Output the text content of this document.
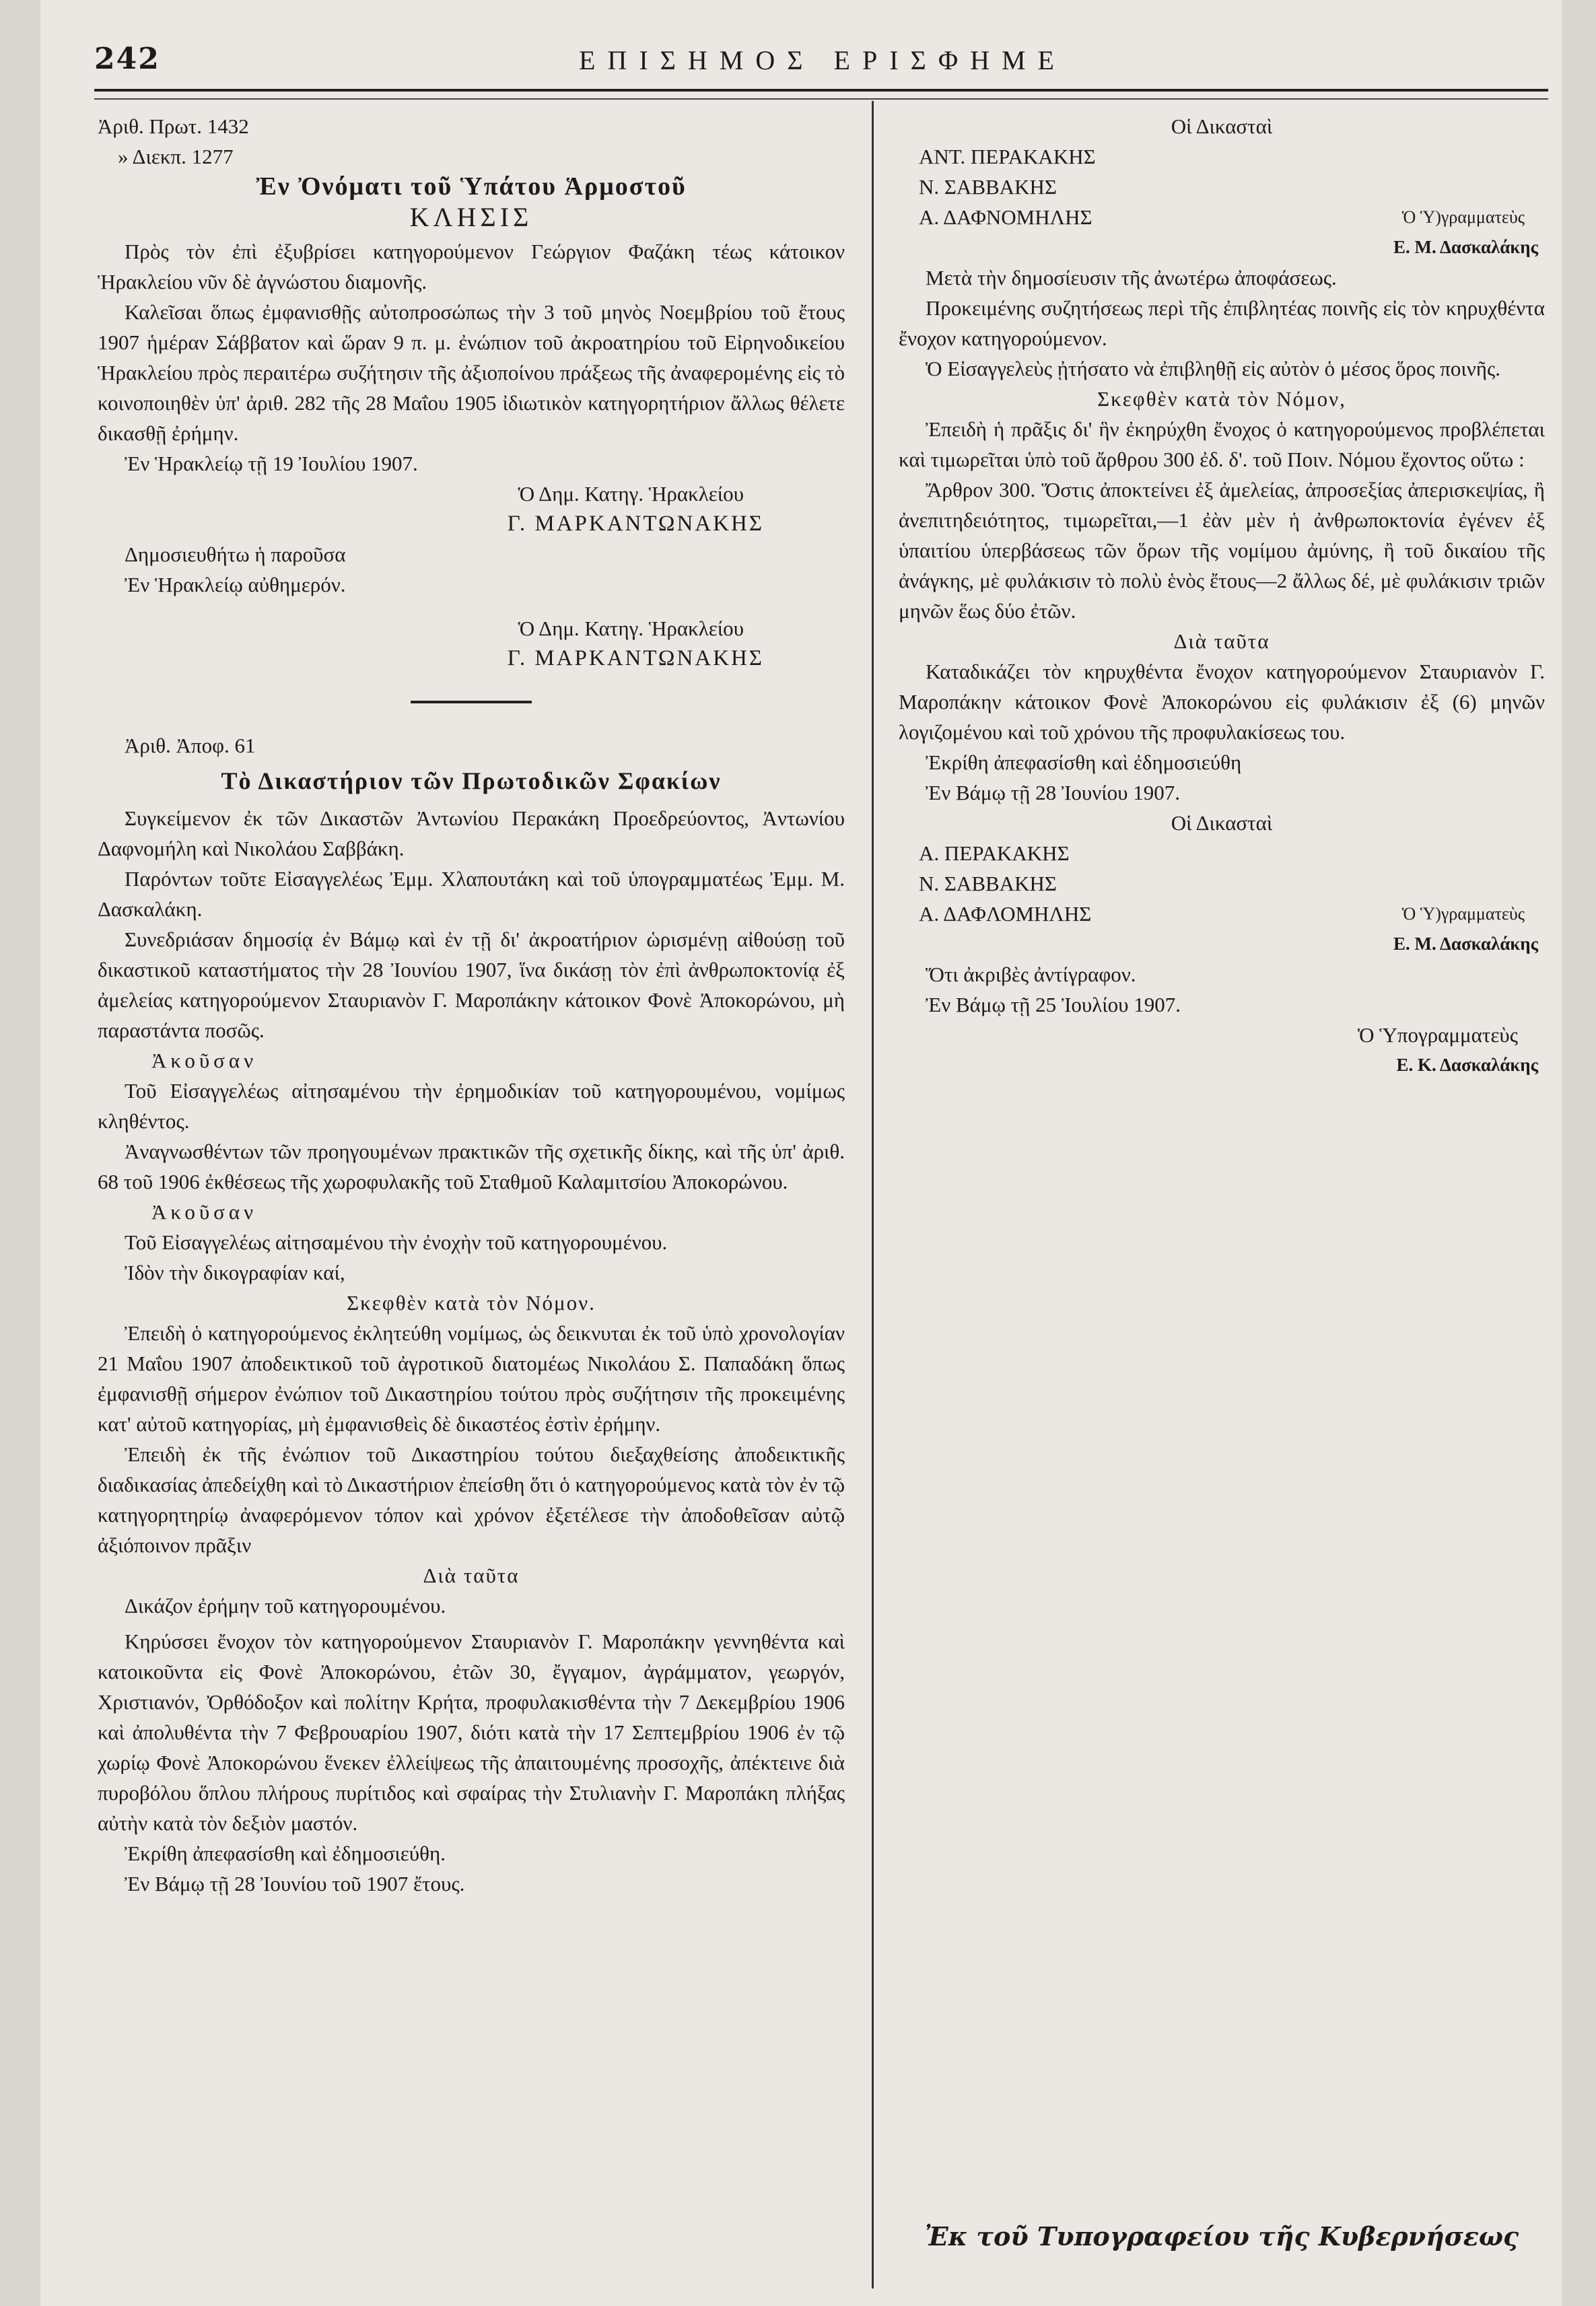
242	ΕΠΙΣΗΜΟΣ ΕΡΙΣΦΗΜΕ

Ἀριθ. Πρωτ. 1432

» Διεκπ. 1277

Ἐν Ὀνόματι τοῦ Ὑπάτου Ἁρμοστοῦ

ΚΛΗΣΙΣ

Πρὸς τὸν ἐπὶ ἐξυβρίσει κατηγορούμενον Γεώργιον Φαζάκη τέως κάτοικον Ἡρακλείου νῦν δὲ ἀγνώστου διαμονῆς.

Καλεῖσαι ὅπως ἐμφανισθῇς αὐτοπροσώπως τὴν 3 τοῦ μηνὸς Νοεμβρίου τοῦ ἔτους 1907 ἡμέραν Σάββατον καὶ ὥραν 9 π. μ. ἐνώπιον τοῦ ἀκροατηρίου τοῦ Εἰρηνοδικείου Ἡρακλείου πρὸς περαιτέρω συζήτησιν τῆς ἀξιοποίνου πράξεως τῆς ἀναφερομένης εἰς τὸ κοινοποιηθὲν ὑπ' ἀριθ. 282 τῆς 28 Μαΐου 1905 ἰδιωτικὸν κατηγορητήριον ἄλλως θέλετε δικασθῇ ἐρήμην.

Ἐν Ἡρακλείῳ τῇ 19 Ἰουλίου 1907.

Ὁ Δημ. Κατηγ. Ἡρακλείου

Γ. ΜΑΡΚΑΝΤΩΝΑΚΗΣ

Δημοσιευθήτω ἡ παροῦσα

Ἐν Ἡρακλείῳ αὐθημερόν.

Ὁ Δημ. Κατηγ. Ἡρακλείου

Γ. ΜΑΡΚΑΝΤΩΝΑΚΗΣ

Ἀριθ. Ἀποφ. 61

Τὸ Δικαστήριον τῶν Πρωτοδικῶν Σφακίων

Συγκείμενον ἐκ τῶν Δικαστῶν Ἀντωνίου Περακάκη Προεδρεύοντος, Ἀντωνίου Δαφνομήλη καὶ Νικολάου Σαββάκη.

Παρόντων τοῦτε Εἰσαγγελέως Ἐμμ. Χλαπουτάκη καὶ τοῦ ὑπογραμματέως Ἐμμ. Μ. Δασκαλάκη.

Συνεδριάσαν δημοσίᾳ ἐν Βάμῳ καὶ ἐν τῇ δι' ἀκροατήριον ὡρισμένῃ αἰθούσῃ τοῦ δικαστικοῦ καταστήματος τὴν 28 Ἰουνίου 1907, ἵνα δικάσῃ τὸν ἐπὶ ἀνθρωποκτονίᾳ ἐξ ἀμελείας κατηγορούμενον Σταυριανὸν Γ. Μαροπάκην κάτοικον Φονὲ Ἀποκορώνου, μὴ παραστάντα ποσῶς.

Ἀκοῦσαν

Τοῦ Εἰσαγγελέως αἰτησαμένου τὴν ἐρημοδικίαν τοῦ κατηγορουμένου, νομίμως κληθέντος.

Ἀναγνωσθέντων τῶν προηγουμένων πρακτικῶν τῆς σχετικῆς δίκης, καὶ τῆς ὑπ' ἀριθ. 68 τοῦ 1906 ἐκθέσεως τῆς χωροφυλακῆς τοῦ Σταθμοῦ Καλαμιτσίου Ἀποκορώνου.

Ἀκοῦσαν

Τοῦ Εἰσαγγελέως αἰτησαμένου τὴν ἐνοχὴν τοῦ κατηγορουμένου.

Ἰδὸν τὴν δικογραφίαν καί,

Σκεφθὲν κατὰ τὸν Νόμον.

Ἐπειδὴ ὁ κατηγορούμενος ἐκλητεύθη νομίμως, ὡς δεικνυται ἐκ τοῦ ὑπὸ χρονολογίαν 21 Μαΐου 1907 ἀποδεικτικοῦ τοῦ ἀγροτικοῦ διατομέως Νικολάου Σ. Παπαδάκη ὅπως ἐμφανισθῇ σήμερον ἐνώπιον τοῦ Δικαστηρίου τούτου πρὸς συζήτησιν τῆς προκειμένης κατ' αὐτοῦ κατηγορίας, μὴ ἐμφανισθεὶς δὲ δικαστέος ἐστὶν ἐρήμην.

Ἐπειδὴ ἐκ τῆς ἐνώπιον τοῦ Δικαστηρίου τούτου διεξαχθείσης ἀποδεικτικῆς διαδικασίας ἀπεδείχθη καὶ τὸ Δικαστήριον ἐπείσθη ὅτι ὁ κατηγορούμενος κατὰ τὸν ἐν τῷ κατηγορητηρίῳ ἀναφερόμενον τόπον καὶ χρόνον ἐξετέλεσε τὴν ἀποδοθεῖσαν αὐτῷ ἀξιόποινον πρᾶξιν

Διὰ ταῦτα

Δικάζον ἐρήμην τοῦ κατηγορουμένου.

Κηρύσσει ἔνοχον τὸν κατηγορούμενον Σταυριανὸν Γ. Μαροπάκην γεννηθέντα καὶ κατοικοῦντα εἰς Φονὲ Ἀποκορώνου, ἐτῶν 30, ἔγγαμον, ἀγράμματον, γεωργόν, Χριστιανόν, Ὀρθόδοξον καὶ πολίτην Κρήτα, προφυλακισθέντα τὴν 7 Δεκεμβρίου 1906 καὶ ἀπολυθέντα τὴν 7 Φεβρουαρίου 1907, διότι κατὰ τὴν 17 Σεπτεμβρίου 1906 ἐν τῷ χωρίῳ Φονὲ Ἀποκορώνου ἕνεκεν ἐλλείψεως τῆς ἀπαιτουμένης προσοχῆς, ἀπέκτεινε διὰ πυροβόλου ὅπλου πλήρους πυρίτιδος καὶ σφαίρας τὴν Στυλιανὴν Γ. Μαροπάκη πλήξας αὐτὴν κατὰ τὸν δεξιὸν μαστόν.

Ἐκρίθη ἀπεφασίσθη καὶ ἐδημοσιεύθη.

Ἐν Βάμῳ τῇ 28 Ἰουνίου τοῦ 1907 ἔτους.

Οἱ Δικασταὶ

ΑΝΤ. ΠΕΡΑΚΑΚΗΣ

Ν. ΣΑΒΒΑΚΗΣ

Α. ΔΑΦΝΟΜΗΛΗΣ	Ὁ Ὑ)γραμματεὺς

Ε. Μ. Δασκαλάκης

Μετὰ τὴν δημοσίευσιν τῆς ἀνωτέρω ἀποφάσεως.

Προκειμένης συζητήσεως περὶ τῆς ἐπιβλητέας ποινῆς εἰς τὸν κηρυχθέντα ἔνοχον κατηγορούμενον.

Ὁ Εἰσαγγελεὺς ᾐτήσατο νὰ ἐπιβληθῇ εἰς αὐτὸν ὁ μέσος ὅρος ποινῆς.

Σκεφθὲν κατὰ τὸν Νόμον,

Ἐπειδὴ ἡ πρᾶξις δι' ἣν ἐκηρύχθη ἔνοχος ὁ κατηγορούμενος προβλέπεται καὶ τιμωρεῖται ὑπὸ τοῦ ἄρθρου 300 ἐδ. δ'. τοῦ Ποιν. Νόμου ἔχοντος οὕτω :

Ἄρθρον 300. Ὅστις ἀποκτείνει ἐξ ἀμελείας, ἀπροσεξίας ἀπερισκεψίας, ἢ ἀνεπιτηδειότητος, τιμωρεῖται,—1 ἐὰν μὲν ἡ ἀνθρωποκτονία ἐγένεν ἐξ ὑπαιτίου ὑπερβάσεως τῶν ὅρων τῆς νομίμου ἀμύνης, ἢ τοῦ δικαίου τῆς ἀνάγκης, μὲ φυλάκισιν τὸ πολὺ ἑνὸς ἔτους—2 ἄλλως δέ, μὲ φυλάκισιν τριῶν μηνῶν ἕως δύο ἐτῶν.

Διὰ ταῦτα

Καταδικάζει τὸν κηρυχθέντα ἔνοχον κατηγορούμενον Σταυριανὸν Γ. Μαροπάκην κάτοικον Φονὲ Ἀποκορώνου εἰς φυλάκισιν ἐξ (6) μηνῶν λογιζομένου καὶ τοῦ χρόνου τῆς προφυλακίσεως του.

Ἐκρίθη ἀπεφασίσθη καὶ ἐδημοσιεύθη

Ἐν Βάμῳ τῇ 28 Ἰουνίου 1907.

Οἱ Δικασταὶ

Α. ΠΕΡΑΚΑΚΗΣ

Ν. ΣΑΒΒΑΚΗΣ

Α. ΔΑΦΛΟΜΗΛΗΣ	Ὁ Ὑ)γραμματεὺς

Ε. Μ. Δασκαλάκης

Ὅτι ἀκριβὲς ἀντίγραφον.

Ἐν Βάμῳ τῇ 25 Ἰουλίου 1907.

Ὁ Ὑπογραμματεὺς

Ε. Κ. Δασκαλάκης

Ἐκ τοῦ Τυπογραφείου τῆς Κυβερνήσεως
